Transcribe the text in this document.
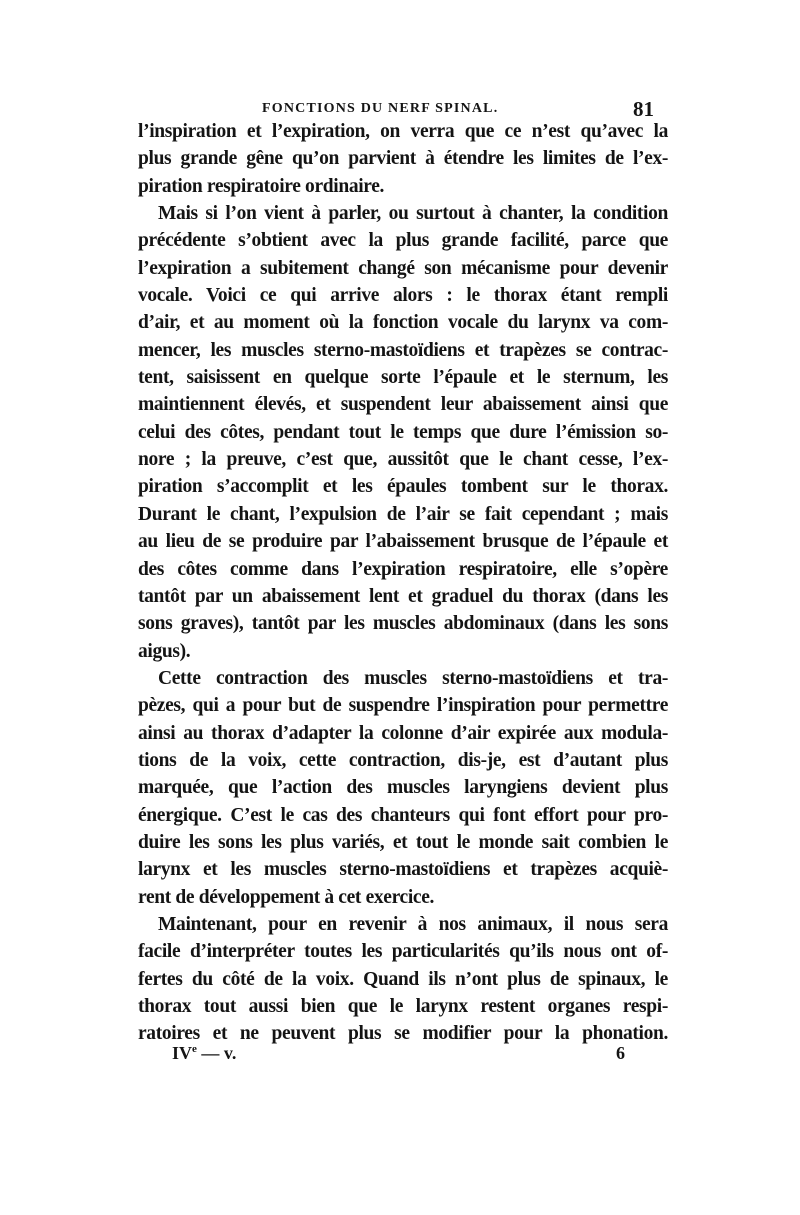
FONCTIONS DU NERF SPINAL.	81
l’inspiration et l’expiration, on verra que ce n’est qu’avec la
plus grande gêne qu’on parvient à étendre les limites de l’ex-
piration respiratoire ordinaire.
Mais si l’on vient à parler, ou surtout à chanter, la condition
précédente s’obtient avec la plus grande facilité, parce que
l’expiration a subitement changé son mécanisme pour devenir
vocale. Voici ce qui arrive alors : le thorax étant rempli
d’air, et au moment où la fonction vocale du larynx va com-
mencer, les muscles sterno-mastoïdiens et trapèzes se contrac-
tent, saisissent en quelque sorte l’épaule et le sternum, les
maintiennent élevés, et suspendent leur abaissement ainsi que
celui des côtes, pendant tout le temps que dure l’émission so-
nore ; la preuve, c’est que, aussitôt que le chant cesse, l’ex-
piration s’accomplit et les épaules tombent sur le thorax.
Durant le chant, l’expulsion de l’air se fait cependant ; mais
au lieu de se produire par l’abaissement brusque de l’épaule et
des côtes comme dans l’expiration respiratoire, elle s’opère
tantôt par un abaissement lent et graduel du thorax (dans les
sons graves), tantôt par les muscles abdominaux (dans les sons
aigus).
Cette contraction des muscles sterno-mastoïdiens et tra-
pèzes, qui a pour but de suspendre l’inspiration pour permettre
ainsi au thorax d’adapter la colonne d’air expirée aux modula-
tions de la voix, cette contraction, dis-je, est d’autant plus
marquée, que l’action des muscles laryngiens devient plus
énergique. C’est le cas des chanteurs qui font effort pour pro-
duire les sons les plus variés, et tout le monde sait combien le
larynx et les muscles sterno-mastoïdiens et trapèzes acquiè-
rent de développement à cet exercice.
Maintenant, pour en revenir à nos animaux, il nous sera
facile d’interpréter toutes les particularités qu’ils nous ont of-
fertes du côté de la voix. Quand ils n’ont plus de spinaux, le
thorax tout aussi bien que le larynx restent organes respi-
ratoires et ne peuvent plus se modifier pour la phonation.
IVe — v.	6
